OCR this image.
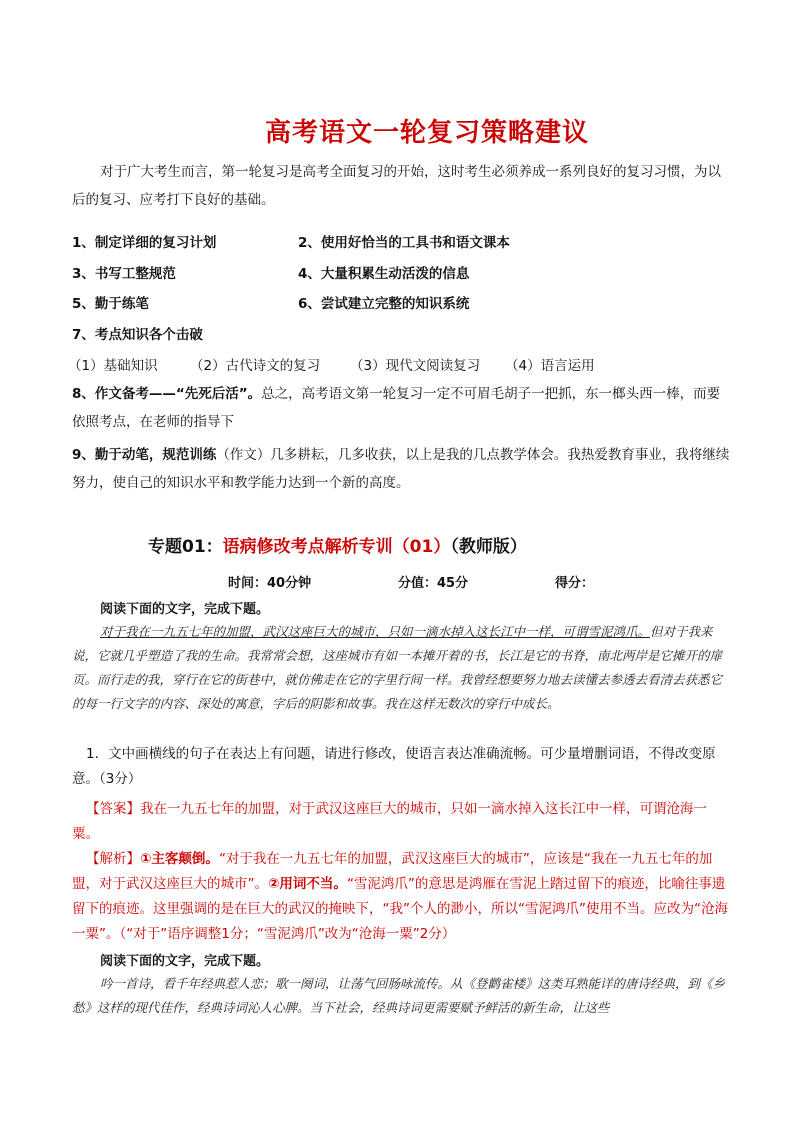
高考语文一轮复习策略建议
对于广大考生而言，第一轮复习是高考全面复习的开始，这时考生必须养成一系列良好的复习习惯，为以后的复习、应考打下良好的基础。
1、制定详细的复习计划	2、使用好恰当的工具书和语文课本
3、书写工整规范	4、大量积累生动活泼的信息
5、勤于练笔	6、尝试建立完整的知识系统
7、考点知识各个击破
（1）基础知识 （2）古代诗文的复习 （3）现代文阅读复习 （4）语言运用
8、作文备考——“先死后活”。总之，高考语文第一轮复习一定不可眉毛胡子一把抓，东一榔头西一棒，而要依照考点，在老师的指导下
9、勤于动笔，规范训练（作文）几多耕耘，几多收获，以上是我的几点教学体会。我热爱教育事业，我将继续努力，使自己的知识水平和教学能力达到一个新的高度。
专题01：语病修改考点解析专训（01）（教师版）
时间：40分钟	分值：45分	得分：
阅读下面的文字，完成下题。
对于我在一九五七年的加盟，武汉这座巨大的城市，只如一滴水掉入这长江中一样，可谓雪泥鸿爪。但对于我来说，它就几乎塑造了我的生命。我常常会想，这座城市有如一本摊开着的书，长江是它的书脊，南北两岸是它摊开的扉页。而行走的我，穿行在它的街巷中，就仿佛走在它的字里行间一样。我曾经想要努力地去读懂去参透去看清去获悉它的每一行文字的内容、深处的寓意，字后的阴影和故事。我在这样无数次的穿行中成长。
1．文中画横线的句子在表达上有问题，请进行修改，使语言表达准确流畅。可少量增删词语，不得改变原意。（3分）
【答案】我在一九五七年的加盟，对于武汉这座巨大的城市，只如一滴水掉入这长江中一样，可谓沧海一粟。
【解析】①主客颠倒。“对于我在一九五七年的加盟，武汉这座巨大的城市”，应该是“我在一九五七年的加盟，对于武汉这座巨大的城市”。②用词不当。“雪泥鸿爪”的意思是鸿雁在雪泥上踏过留下的痕迹，比喻往事遗留下的痕迹。这里强调的是在巨大的武汉的掩映下，“我”个人的渺小，所以“雪泥鸿爪”使用不当。应改为“沧海一粟”。（“对于”语序调整1分；“雪泥鸿爪”改为“沧海一粟”2分）
阅读下面的文字，完成下题。
吟一首诗，看千年经典惹人恋；歌一阕词，让荡气回肠咏流传。从《登鹳雀楼》这类耳熟能详的唐诗经典，到《乡愁》这样的现代佳作，经典诗词沁人心脾。当下社会，经典诗词更需要赋予鲜活的新生命，让这些
